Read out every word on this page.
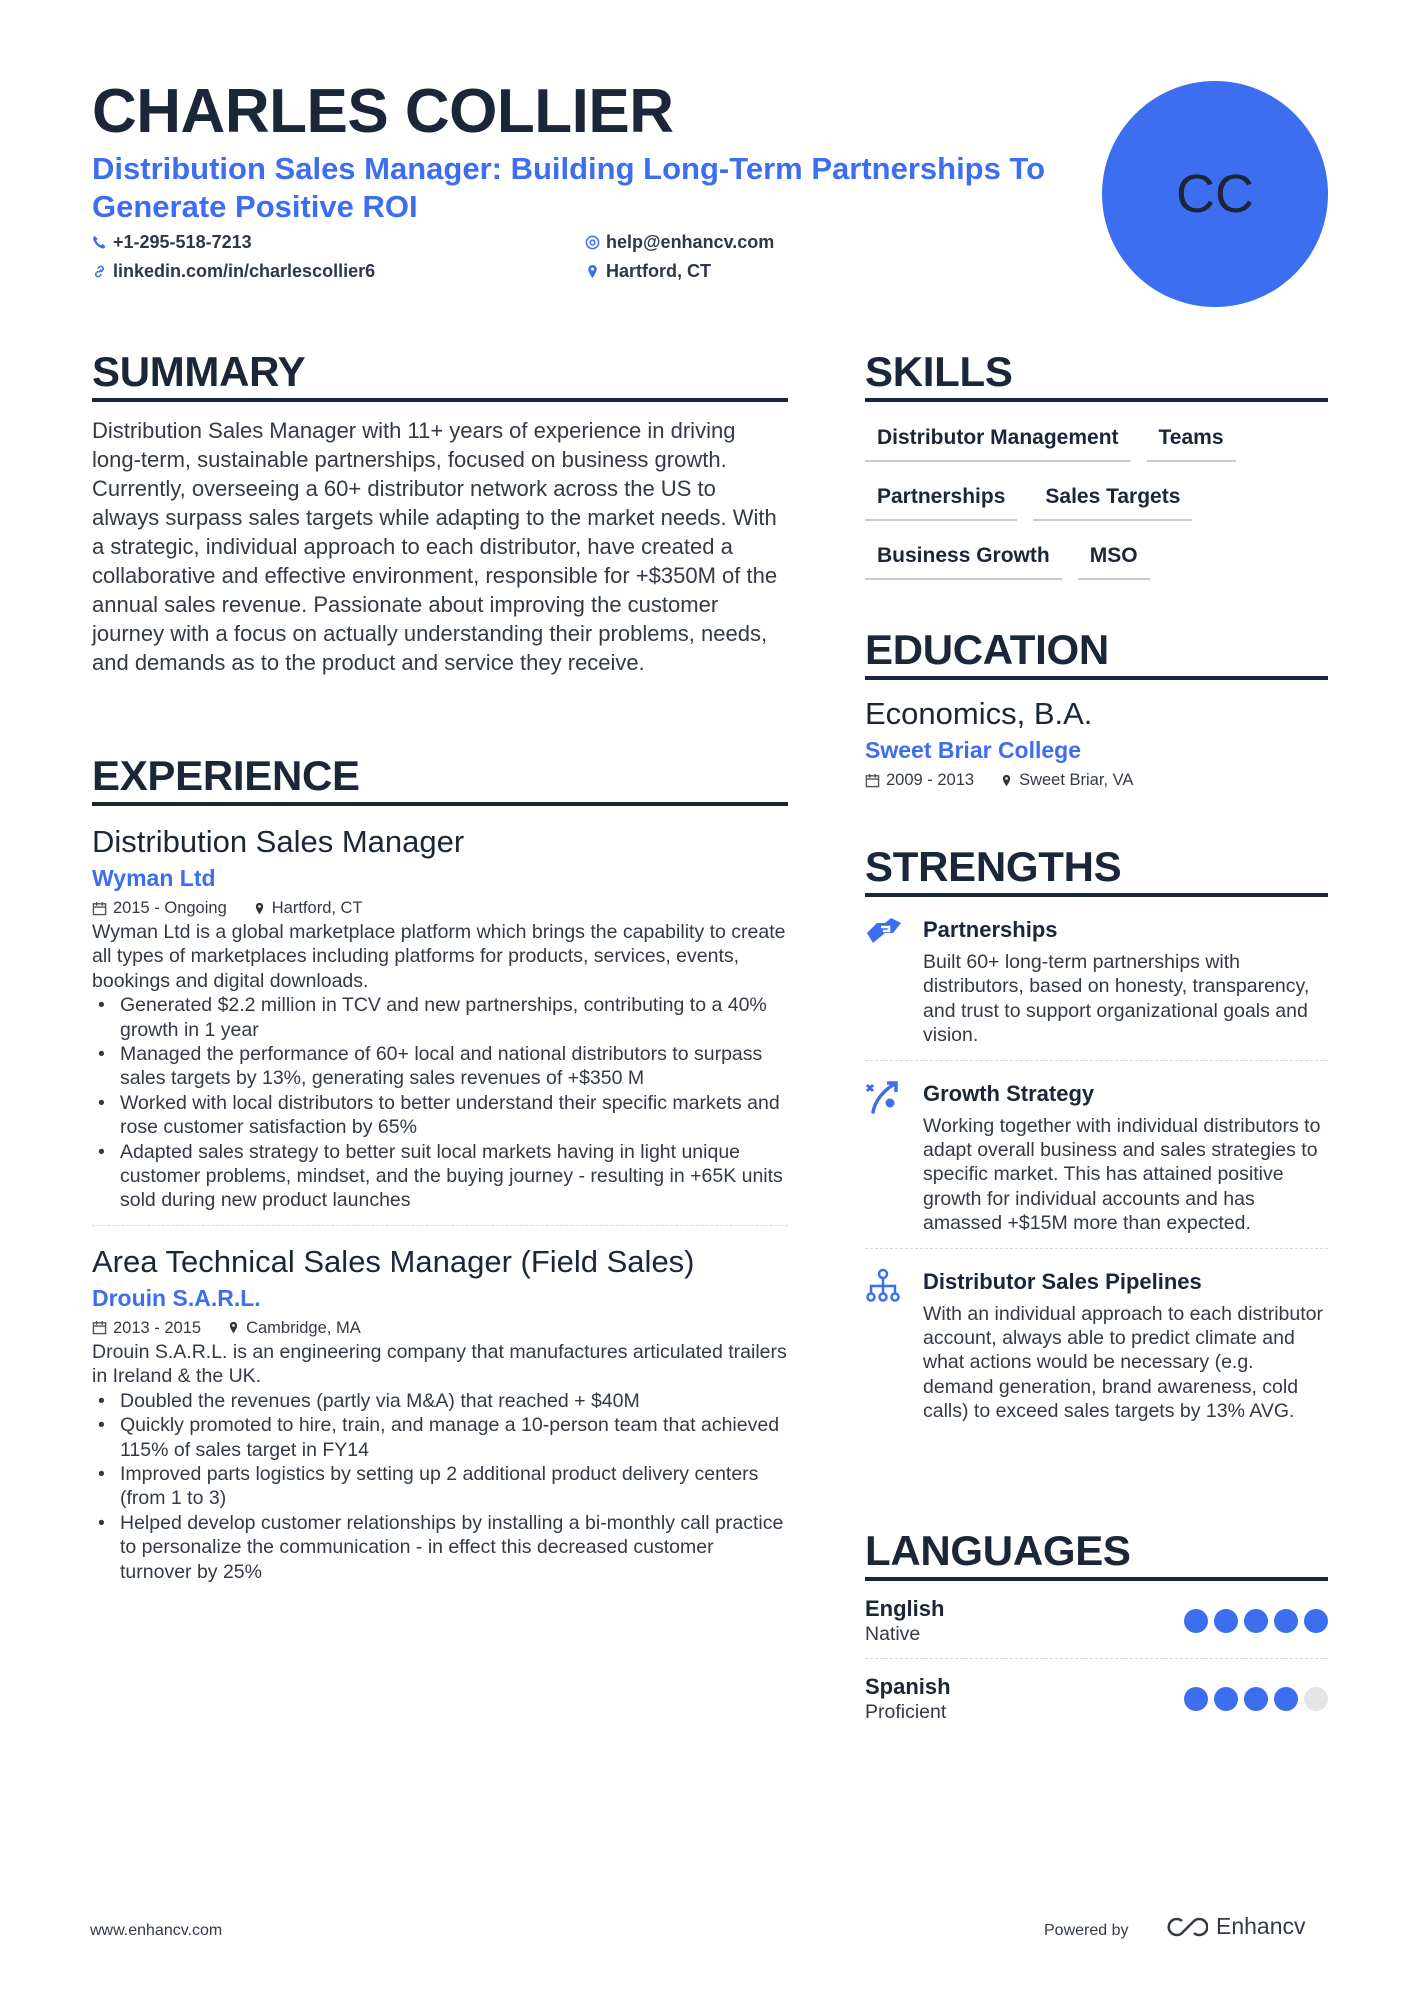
CHARLES COLLIER
Distribution Sales Manager: Building Long-Term Partnerships To Generate Positive ROI
+1-295-518-7213	help@enhancv.com
linkedin.com/in/charlescollier6	Hartford, CT
CC
SUMMARY
Distribution Sales Manager with 11+ years of experience in driving long-term, sustainable partnerships, focused on business growth. Currently, overseeing a 60+ distributor network across the US to always surpass sales targets while adapting to the market needs. With a strategic, individual approach to each distributor, have created a collaborative and effective environment, responsible for +$350M of the annual sales revenue. Passionate about improving the customer journey with a focus on actually understanding their problems, needs, and demands as to the product and service they receive.
EXPERIENCE
Distribution Sales Manager
Wyman Ltd
2015 - Ongoing	Hartford, CT
Wyman Ltd is a global marketplace platform which brings the capability to create all types of marketplaces including platforms for products, services, events, bookings and digital downloads.
• Generated $2.2 million in TCV and new partnerships, contributing to a 40% growth in 1 year
• Managed the performance of 60+ local and national distributors to surpass sales targets by 13%, generating sales revenues of +$350 M
• Worked with local distributors to better understand their specific markets and rose customer satisfaction by 65%
• Adapted sales strategy to better suit local markets having in light unique customer problems, mindset, and the buying journey - resulting in +65K units sold during new product launches
Area Technical Sales Manager (Field Sales)
Drouin S.A.R.L.
2013 - 2015	Cambridge, MA
Drouin S.A.R.L. is an engineering company that manufactures articulated trailers in Ireland & the UK.
• Doubled the revenues (partly via M&A) that reached + $40M
• Quickly promoted to hire, train, and manage a 10-person team that achieved 115% of sales target in FY14
• Improved parts logistics by setting up 2 additional product delivery centers (from 1 to 3)
• Helped develop customer relationships by installing a bi-monthly call practice to personalize the communication - in effect this decreased customer turnover by 25%
SKILLS
Distributor Management	Teams
Partnerships	Sales Targets
Business Growth	MSO
EDUCATION
Economics, B.A.
Sweet Briar College
2009 - 2013	Sweet Briar, VA
STRENGTHS
Partnerships
Built 60+ long-term partnerships with distributors, based on honesty, transparency, and trust to support organizational goals and vision.
Growth Strategy
Working together with individual distributors to adapt overall business and sales strategies to specific market. This has attained positive growth for individual accounts and has amassed +$15M more than expected.
Distributor Sales Pipelines
With an individual approach to each distributor account, always able to predict climate and what actions would be necessary (e.g. demand generation, brand awareness, cold calls) to exceed sales targets by 13% AVG.
LANGUAGES
English
Native
Spanish
Proficient
www.enhancv.com	Powered by	Enhancv
